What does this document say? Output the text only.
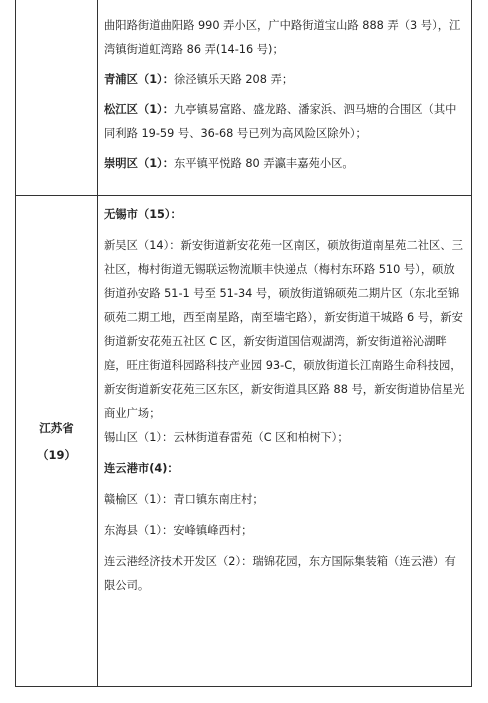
曲阳路街道曲阳路 990 弄小区，广中路街道宝山路 888 弄（3 号），江湾镇街道虹湾路 86 弄(14-16 号)；

青浦区（1）：徐泾镇乐天路 208 弄；

松江区（1）：九亭镇易富路、盛龙路、潘家浜、泗马塘的合围区（其中同利路 19-59 号、36-68 号已列为高风险区除外）；

崇明区（1）：东平镇平悦路 80 弄瀛丰嘉苑小区。

江苏省
（19）

无锡市（15）：

新吴区（14）：新安街道新安花苑一区南区，硕放街道南星苑二社区、三社区，梅村街道无锡联运物流顺丰快递点（梅村东环路 510 号），硕放街道孙安路 51-1 号至 51-34 号，硕放街道锦硕苑二期片区（东北至锦硕苑二期工地，西至南星路，南至墙宅路），新安街道干城路 6 号，新安街道新安花苑五社区 C 区，新安街道国信观湖湾，新安街道裕沁湖畔庭，旺庄街道科园路科技产业园 93-C，硕放街道长江南路生命科技园，新安街道新安花苑三区东区，新安街道具区路 88 号，新安街道协信星光商业广场；

锡山区（1）：云林街道春雷苑（C 区和柏树下）；

连云港市(4)：

赣榆区（1）：青口镇东南庄村；

东海县（1）：安峰镇峰西村；

连云港经济技术开发区（2）：瑞锦花园，东方国际集装箱（连云港）有限公司。
